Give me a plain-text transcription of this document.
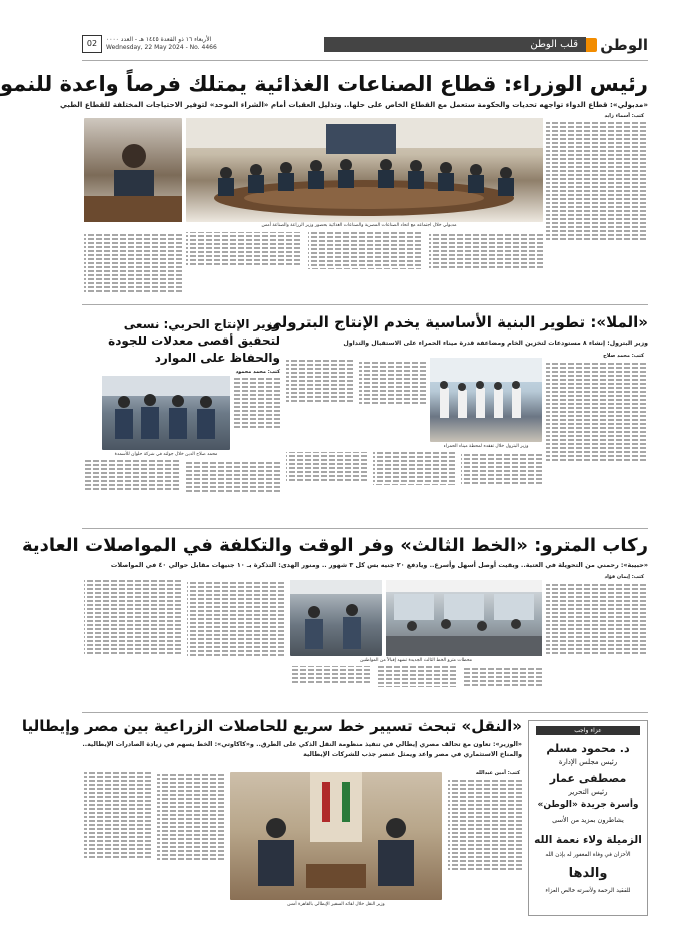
الوطن
قلب الوطن
الأربعاء ١٦ ذو القعدة ١٤٤٥ هـ - العدد ٠٠٠٠
Wednesday, 22 May 2024 - No. 4466
02
رئيس الوزراء: قطاع الصناعات الغذائية يمتلك فرصاً واعدة للنمو
«مدبولي»: قطاع الدواء تواجهه تحديات والحكومة ستعمل مع القطاع الخاص على حلها.. وتذليل العقبات أمام «الشراء الموحد» لتوفير الاحتياجات المختلفة للقطاع الطبي
كتب: أسماء زايد
مدبولي خلال اجتماعه مع اتحاد الصناعات المصرية والصناعات الغذائية بحضور وزير الزراعة والصناعة أمس
«الملا»: تطوير البنية الأساسية يخدم الإنتاج البترولي
وزير البترول: إنشاء ٨ مستودعات لتخزين الخام ومضاعفة قدرة ميناء الحمراء على الاستقبال والتداول
كتب: محمد صلاح
وزير البترول خلال تفقده لمحطة ميناء الحمراء
وزير الإنتاج الحربي: نسعى لتحقيق أقصى معدلات للجودة والحفاظ على الموارد
كتب: محمد محمود
محمد صلاح الدين خلال جولته في شركة حلوان للأسمدة
ركاب المترو: «الخط الثالث» وفر الوقت والتكلفة في المواصلات العادية
«حبيبة»: رحمني من التحويلة في العتبة.. وبقيت أوصل أسهل وأسرع.. ويادفع ٢٠ جنيه بس كل ٣ شهور .. ومنور الهدى: التذكرة بـ ١٠ جنيهات مقابل حوالي ٤٠ في المواصلات
كتب: إيمان فؤاد
محطات مترو الخط الثالث الجديدة تشهد إقبالاً من المواطنين
«النقل» تبحث تسيير خط سريع للحاصلات الزراعية بين مصر وإيطاليا
«الوزير»: تعاون مع تحالف مصري إيطالي في تنفيذ منظومة النقل الذكي على الطرق.. و«كاكاوتي»: الخط يسهم في زيادة الصادرات الإيطالية.. والمناخ الاستثماري في مصر واعد ويمثل عنصر جذب للشركات الإيطالية
كتب: أمين عبدالله
وزير النقل خلال لقائه السفير الإيطالي بالقاهرة أمس
عزاء واجب
د. محمود مسلم
رئيس مجلس الإدارة
مصطفى عمار
رئيس التحرير
وأسرة جريدة «الوطن»
يشاطرون بمزيد من الأسى
الزميلة ولاء نعمة الله
الأحزان في وفاة المغفور له بإذن الله
والدها
للفقيد الرحمة ولأسرته خالص العزاء
